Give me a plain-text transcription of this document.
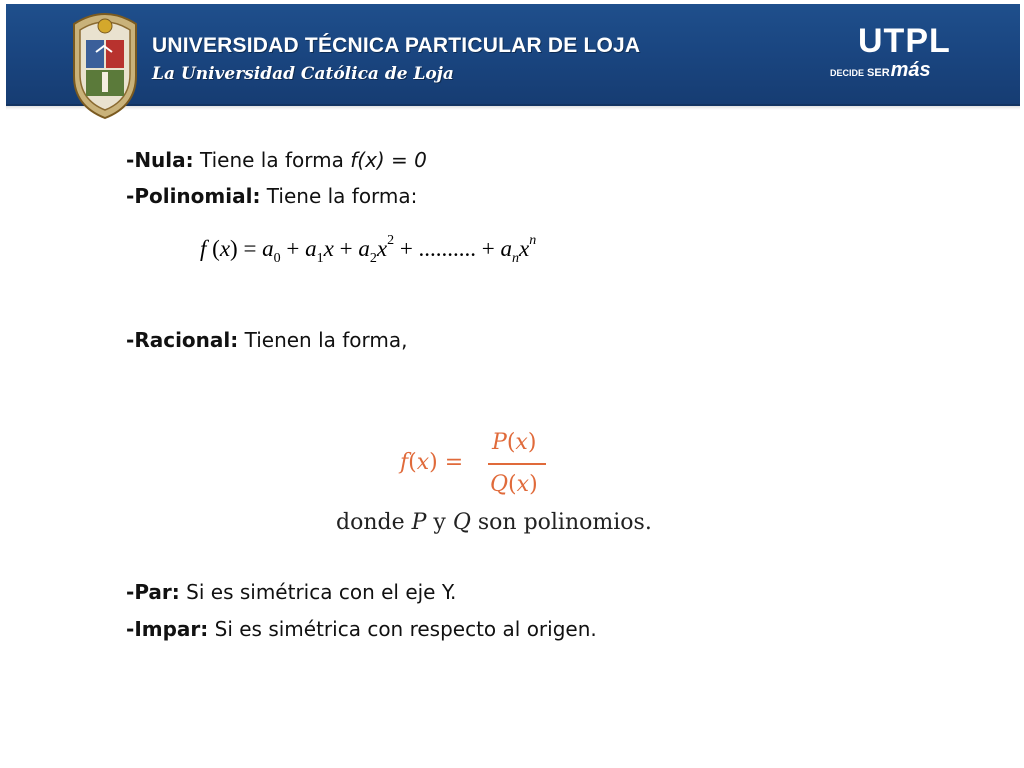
UNIVERSIDAD TÉCNICA PARTICULAR DE LOJA
La Universidad Católica de Loja
UTPL
DECIDE SERmás
-Nula: Tiene la forma f(x) = 0
-Polinomial: Tiene la forma:
f $(x) = a_0 + a_1x + a_2x^2$ + .......... + $a_nx^n$
-Racional: Tienen la forma,
f(x) =
P(x)
Q(x)
donde P y Q son polinomios.
-Par: Si es simétrica con el eje Y.
-Impar: Si es simétrica con respecto al origen.
